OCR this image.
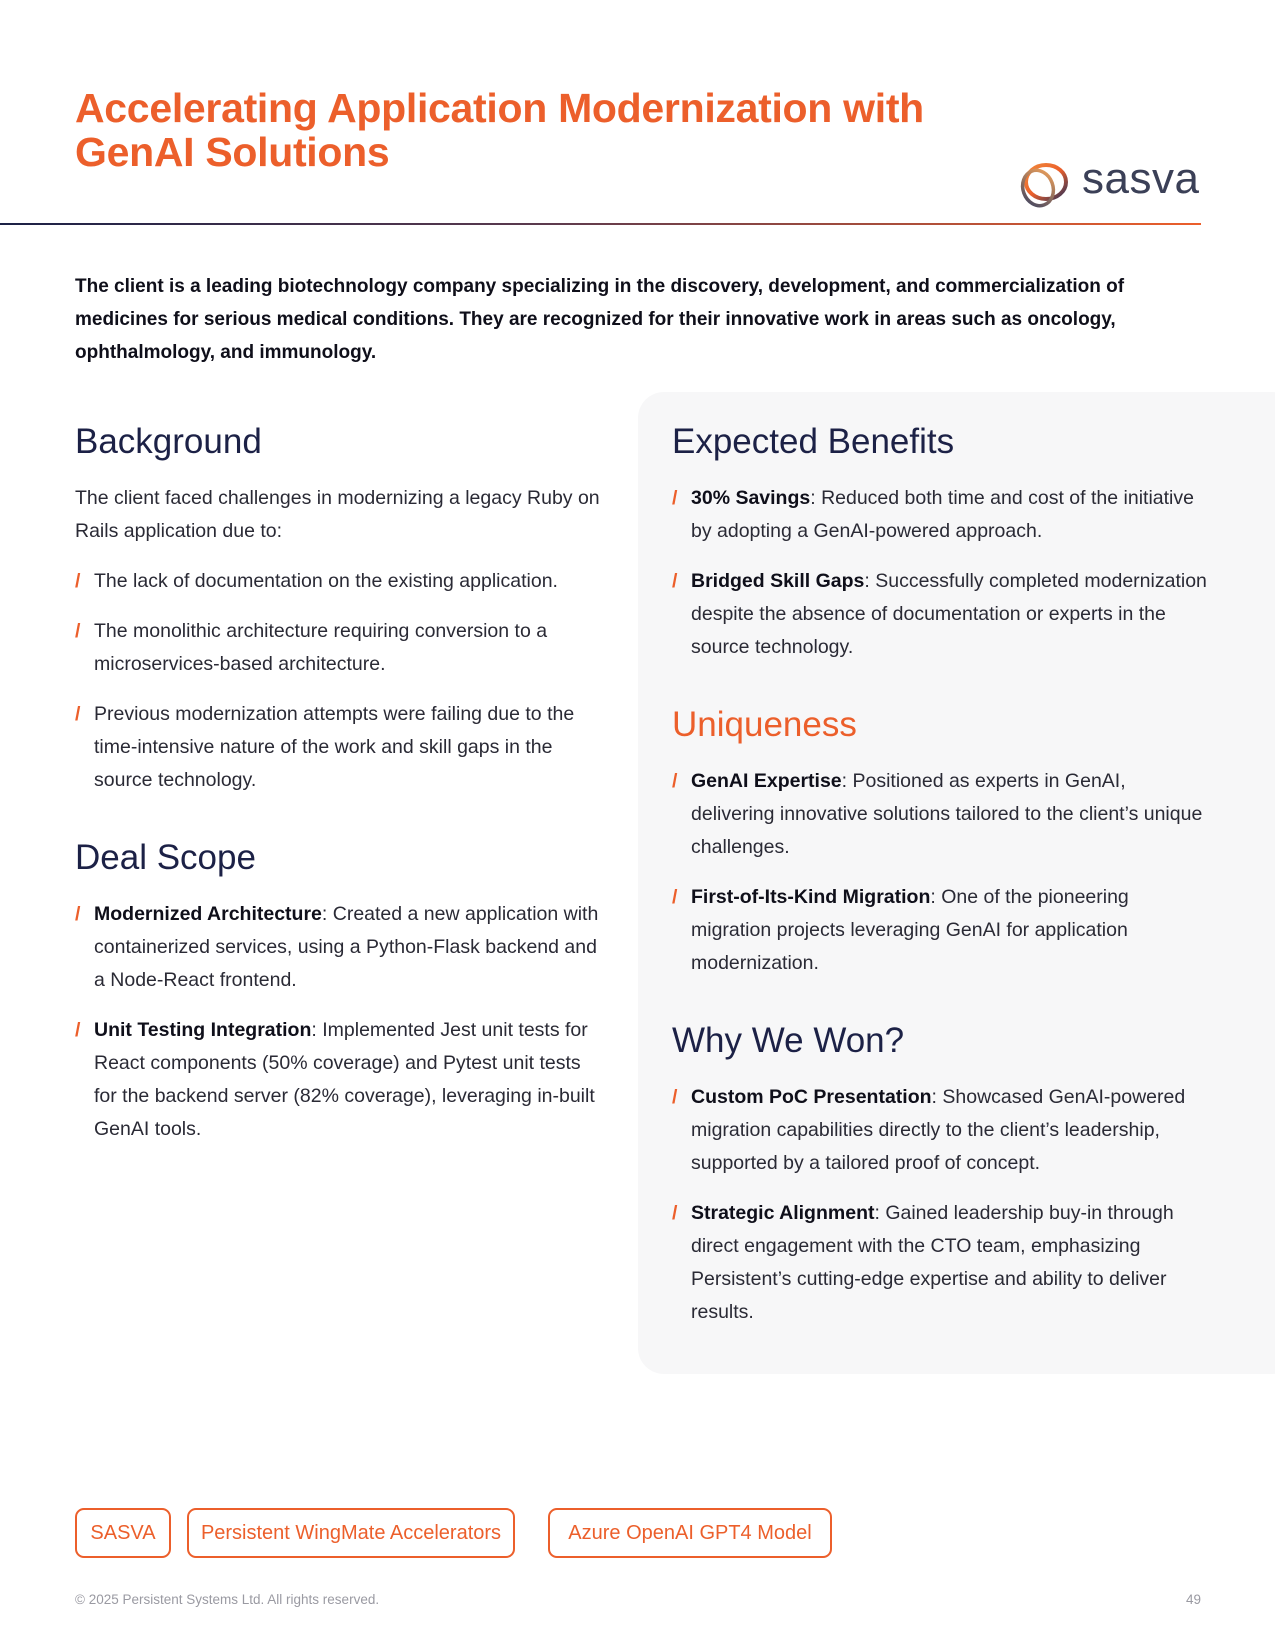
Accelerating Application Modernization with GenAI Solutions
sasva

The client is a leading biotechnology company specializing in the discovery, development, and commercialization of medicines for serious medical conditions. They are recognized for their innovative work in areas such as oncology, ophthalmology, and immunology.

Background

The client faced challenges in modernizing a legacy Ruby on Rails application due to:

/ The lack of documentation on the existing application.
/ The monolithic architecture requiring conversion to a microservices-based architecture.
/ Previous modernization attempts were failing due to the time-intensive nature of the work and skill gaps in the source technology.
Deal Scope
/ Modernized Architecture: Created a new application with containerized services, using a Python-Flask backend and a Node-React frontend.
/ Unit Testing Integration: Implemented Jest unit tests for React components (50% coverage) and Pytest unit tests for the backend server (82% coverage), leveraging in-built GenAI tools.
Expected Benefits
/ 30% Savings: Reduced both time and cost of the initiative by adopting a GenAI-powered approach.
/ Bridged Skill Gaps: Successfully completed modernization despite the absence of documentation or experts in the source technology.
Uniqueness
/ GenAI Expertise: Positioned as experts in GenAI, delivering innovative solutions tailored to the client’s unique challenges.
/ First-of-Its-Kind Migration: One of the pioneering migration projects leveraging GenAI for application modernization.
Why We Won?
/ Custom PoC Presentation: Showcased GenAI-powered migration capabilities directly to the client’s leadership, supported by a tailored proof of concept.
/ Strategic Alignment: Gained leadership buy-in through direct engagement with the CTO team, emphasizing Persistent’s cutting-edge expertise and ability to deliver results.
SASVA	Persistent WingMate Accelerators	Azure OpenAI GPT4 Model
© 2025 Persistent Systems Ltd. All rights reserved.	49
